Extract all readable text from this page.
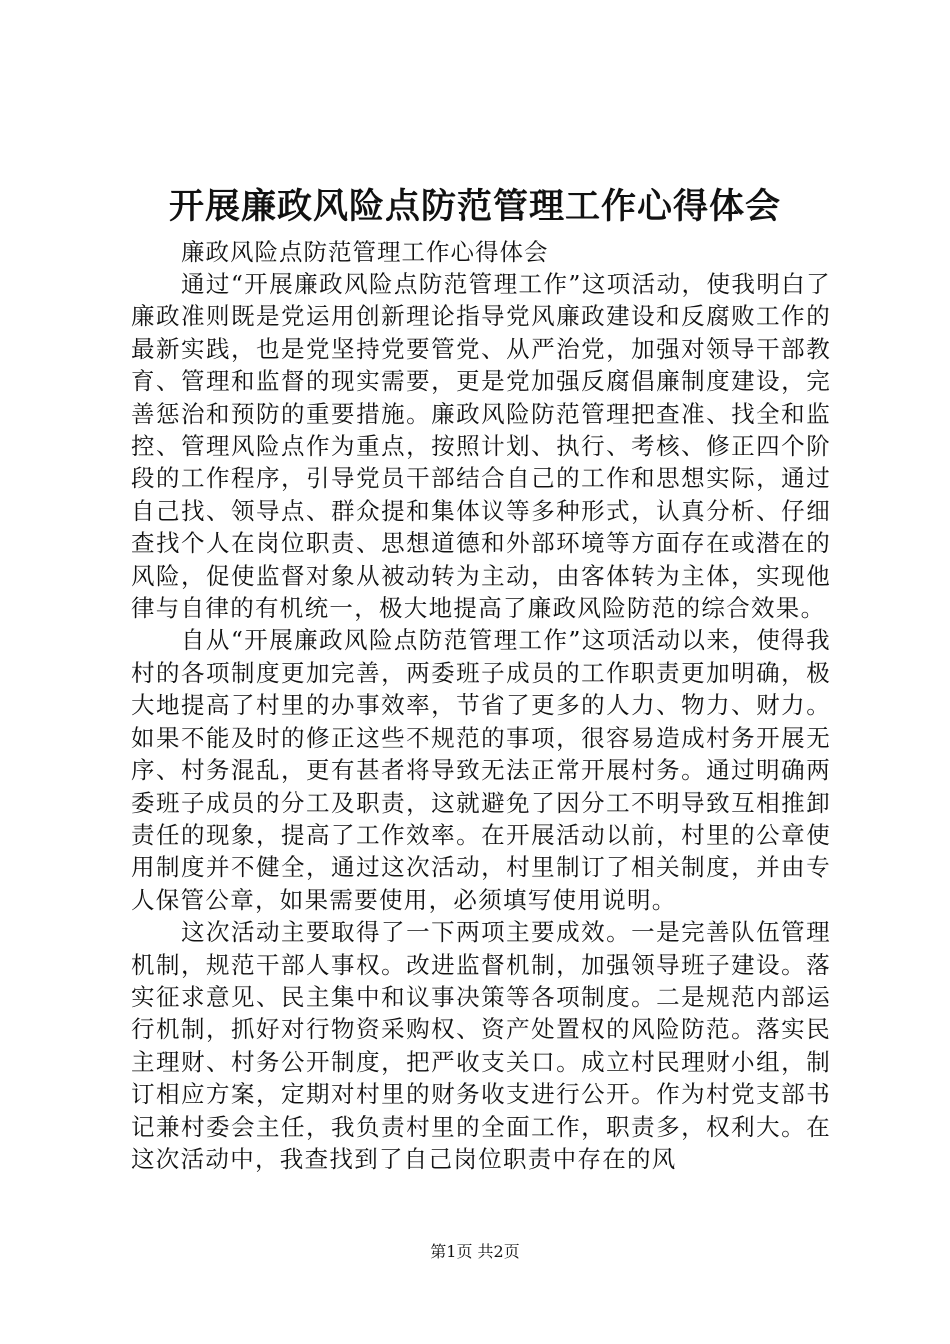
开展廉政风险点防范管理工作心得体会

廉政风险点防范管理工作心得体会

通过“开展廉政风险点防范管理工作”这项活动，使我明白了廉政准则既是党运用创新理论指导党风廉政建设和反腐败工作的最新实践，也是党坚持党要管党、从严治党，加强对领导干部教育、管理和监督的现实需要，更是党加强反腐倡廉制度建设，完善惩治和预防的重要措施。廉政风险防范管理把查准、找全和监控、管理风险点作为重点，按照计划、执行、考核、修正四个阶段的工作程序，引导党员干部结合自己的工作和思想实际，通过自己找、领导点、群众提和集体议等多种形式，认真分析、仔细查找个人在岗位职责、思想道德和外部环境等方面存在或潜在的风险，促使监督对象从被动转为主动，由客体转为主体，实现他律与自律的有机统一，极大地提高了廉政风险防范的综合效果。

自从“开展廉政风险点防范管理工作”这项活动以来，使得我村的各项制度更加完善，两委班子成员的工作职责更加明确，极大地提高了村里的办事效率，节省了更多的人力、物力、财力。如果不能及时的修正这些不规范的事项，很容易造成村务开展无序、村务混乱，更有甚者将导致无法正常开展村务。通过明确两委班子成员的分工及职责，这就避免了因分工不明导致互相推卸责任的现象，提高了工作效率。在开展活动以前，村里的公章使用制度并不健全，通过这次活动，村里制订了相关制度，并由专人保管公章，如果需要使用，必须填写使用说明。

这次活动主要取得了一下两项主要成效。一是完善队伍管理机制，规范干部人事权。改进监督机制，加强领导班子建设。落实征求意见、民主集中和议事决策等各项制度。二是规范内部运行机制，抓好对行物资采购权、资产处置权的风险防范。落实民主理财、村务公开制度，把严收支关口。成立村民理财小组，制订相应方案，定期对村里的财务收支进行公开。作为村党支部书记兼村委会主任，我负责村里的全面工作，职责多，权利大。在这次活动中，我查找到了自己岗位职责中存在的风

第1页 共2页
